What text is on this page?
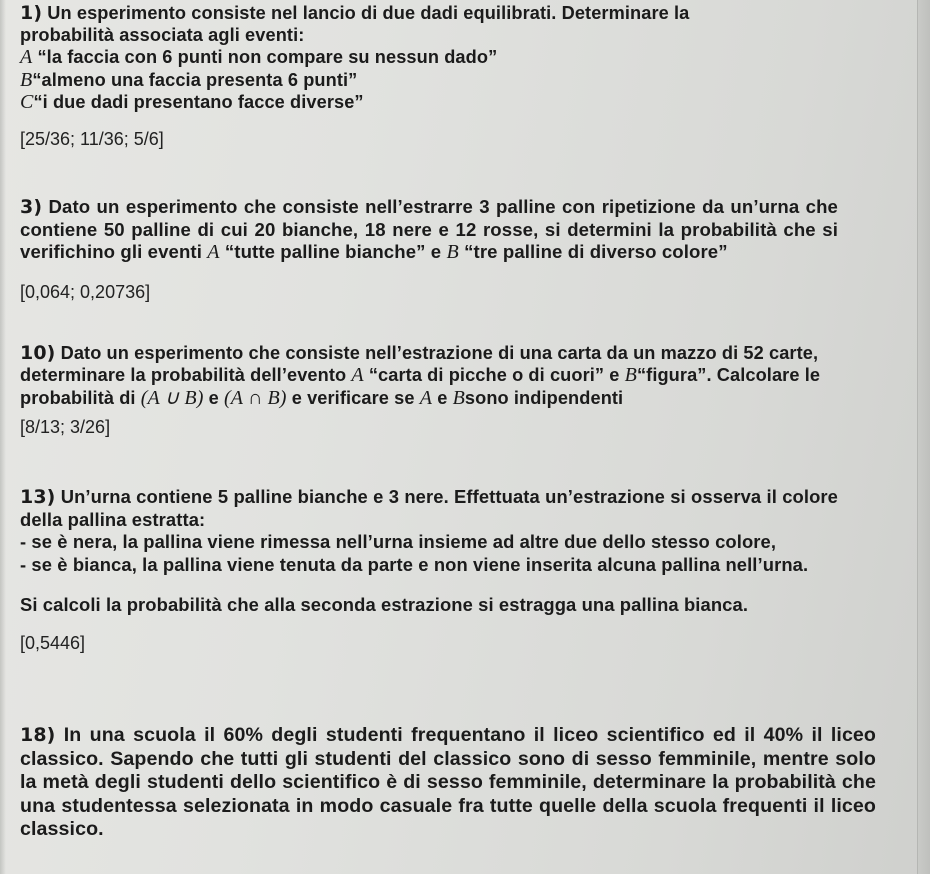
1) Un esperimento consiste nel lancio di due dadi equilibrati. Determinare la
probabilità associata agli eventi:

A “la faccia con 6 punti non compare su nessun dado”

B“almeno una faccia presenta 6 punti”

C“i due dadi presentano facce diverse”

[25/36; 11/36; 5/6]

3) Dato un esperimento che consiste nell’estrarre 3 palline con ripetizione da un’urna che contiene 50 palline di cui 20 bianche, 18 nere e 12 rosse, si determini la probabilità che si verifichino gli eventi A “tutte palline bianche” e B “tre palline di diverso colore”

[0,064; 0,20736]

10) Dato un esperimento che consiste nell’estrazione di una carta da un mazzo di 52 carte, determinare la probabilità dell’evento A “carta di picche o di cuori” e B“figura”. Calcolare le probabilità di (A ∪ B) e (A ∩ B) e verificare se A e Bsono indipendenti

[8/13; 3/26]

13) Un’urna contiene 5 palline bianche e 3 nere. Effettuata un’estrazione si osserva il colore della pallina estratta:

- se è nera, la pallina viene rimessa nell’urna insieme ad altre due dello stesso colore,

- se è bianca, la pallina viene tenuta da parte e non viene inserita alcuna pallina nell’urna.

Si calcoli la probabilità che alla seconda estrazione si estragga una pallina bianca.

[0,5446]

18) In una scuola il 60% degli studenti frequentano il liceo scientifico ed il 40% il liceo classico. Sapendo che tutti gli studenti del classico sono di sesso femminile, mentre solo la metà degli studenti dello scientifico è di sesso femminile, determinare la probabilità che una studentessa selezionata in modo casuale fra tutte quelle della scuola frequenti il liceo classico.
